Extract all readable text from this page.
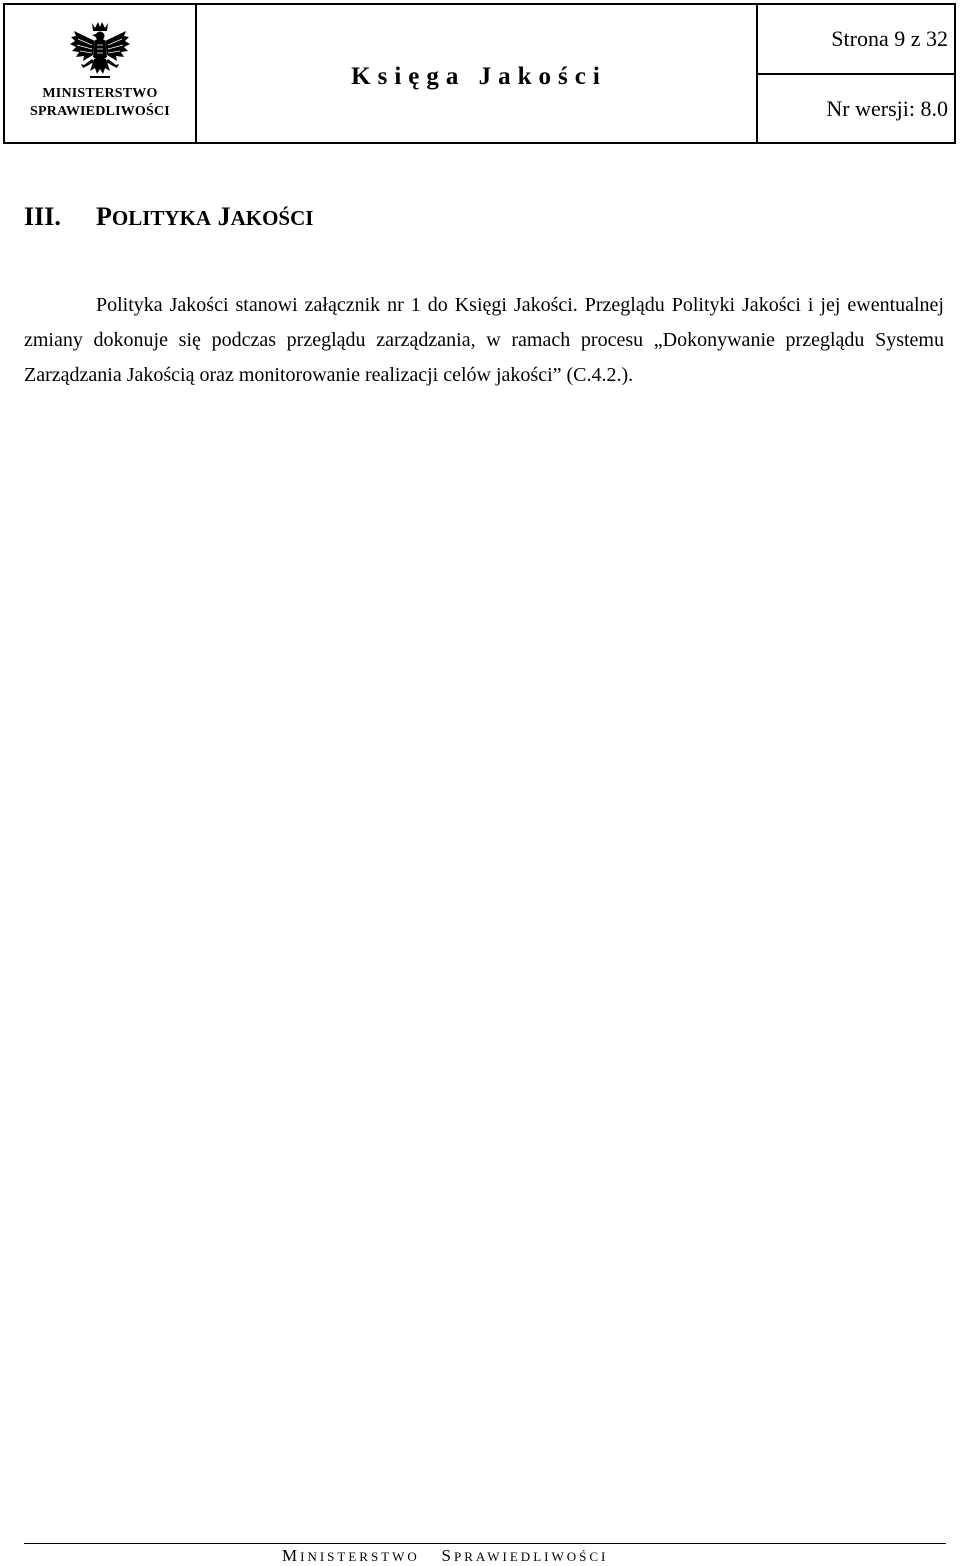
MINISTERSTWO
SPRAWIEDLIWOŚCI
Księga Jakości
Strona 9 z 32
Nr wersji: 8.0
III. POLITYKA JAKOŚCI

Polityka Jakości stanowi załącznik nr 1 do Księgi Jakości. Przeglądu Polityki Jakości i jej ewentualnej zmiany dokonuje się podczas przeglądu zarządzania, w ramach procesu „Dokonywanie przeglądu Systemu Zarządzania Jakością oraz monitorowanie realizacji celów jakości” (C.4.2.).

MINISTERSTWO SPRAWIEDLIWOŚCI
